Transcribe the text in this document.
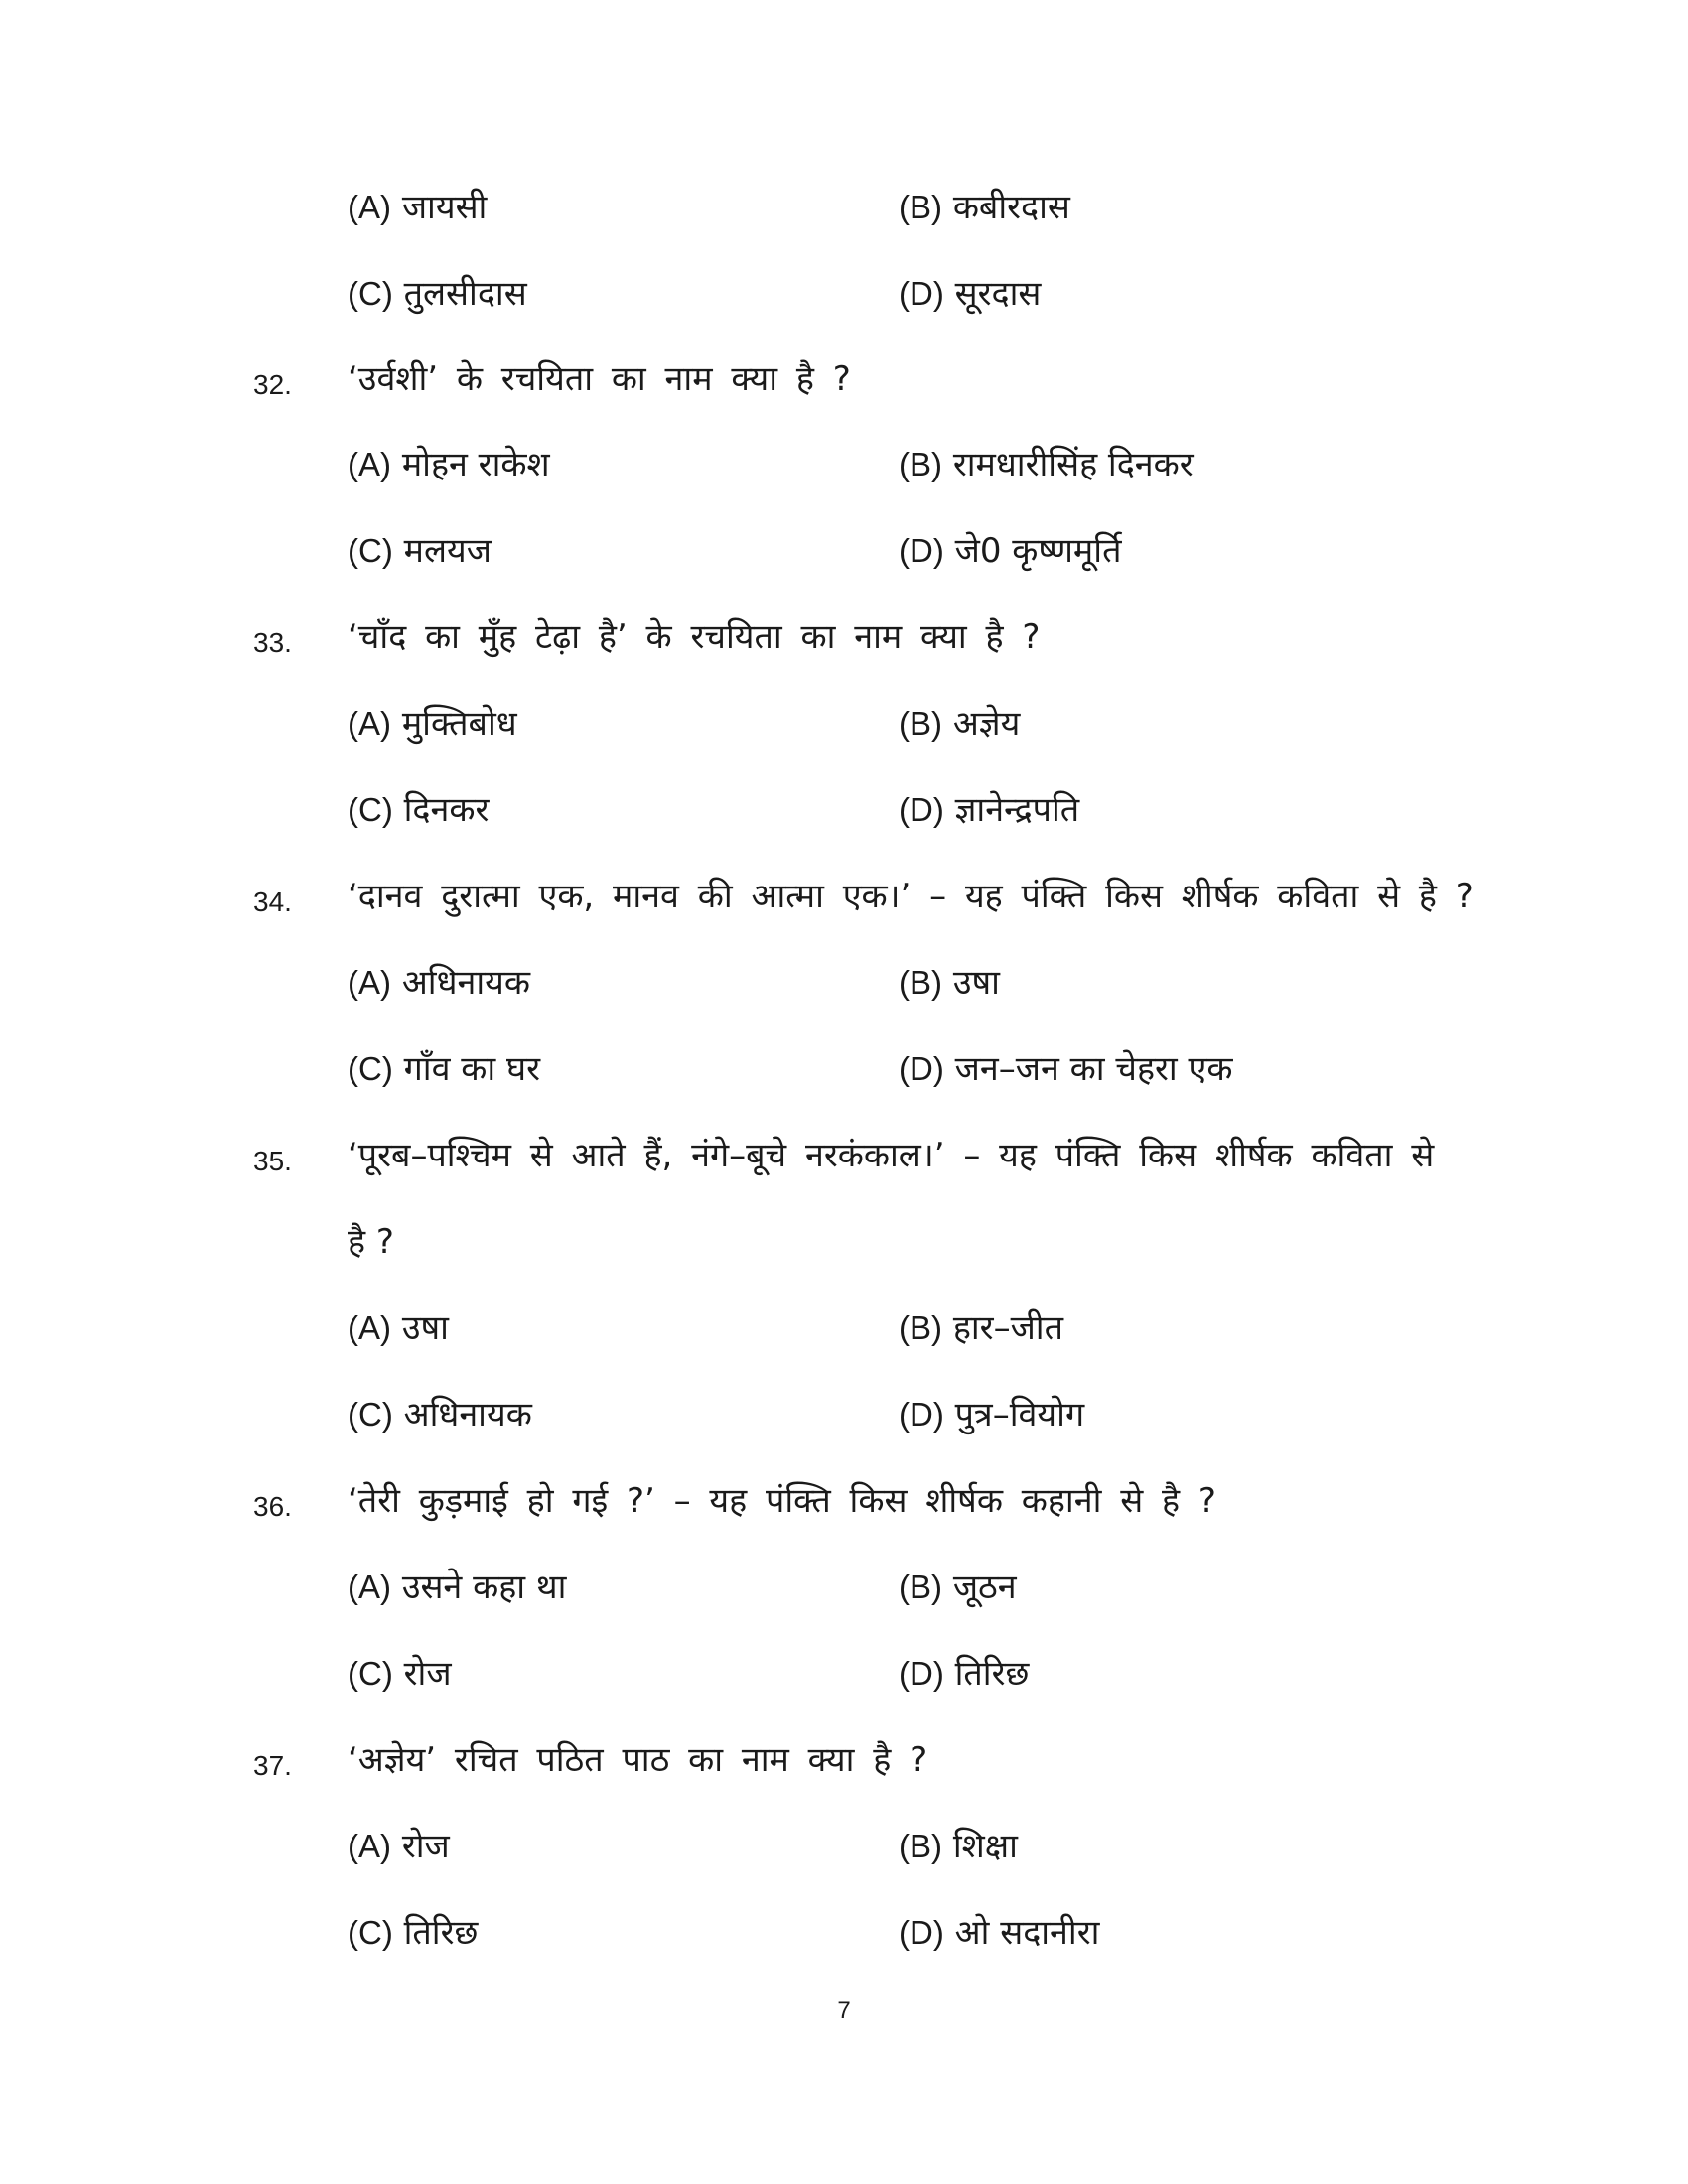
(A) जायसी	(B) कबीरदास
(C) तुलसीदास	(D) सूरदास
32. ‘उर्वशी’ के रचयिता का नाम क्या है ?
(A) मोहन राकेश	(B) रामधारीसिंह दिनकर
(C) मलयज	(D) जे0 कृष्णमूर्ति
33. ‘चाँद का मुँह टेढ़ा है’ के रचयिता का नाम क्या है ?
(A) मुक्तिबोध	(B) अज्ञेय
(C) दिनकर	(D) ज्ञानेन्द्रपति
34. ‘दानव दुरात्मा एक, मानव की आत्मा एक।’ – यह पंक्ति किस शीर्षक कविता से है ?
(A) अधिनायक	(B) उषा
(C) गाँव का घर	(D) जन–जन का चेहरा एक
35. ‘पूरब–पश्चिम से आते हैं, नंगे–बूचे नरकंकाल।’ – यह पंक्ति किस शीर्षक कविता से
है ?
(A) उषा	(B) हार–जीत
(C) अधिनायक	(D) पुत्र–वियोग
36. ‘तेरी कुड़माई हो गई ?’ – यह पंक्ति किस शीर्षक कहानी से है ?
(A) उसने कहा था	(B) जूठन
(C) रोज	(D) तिरिछ
37. ‘अज्ञेय’ रचित पठित पाठ का नाम क्या है ?
(A) रोज	(B) शिक्षा
(C) तिरिछ	(D) ओ सदानीरा
7
